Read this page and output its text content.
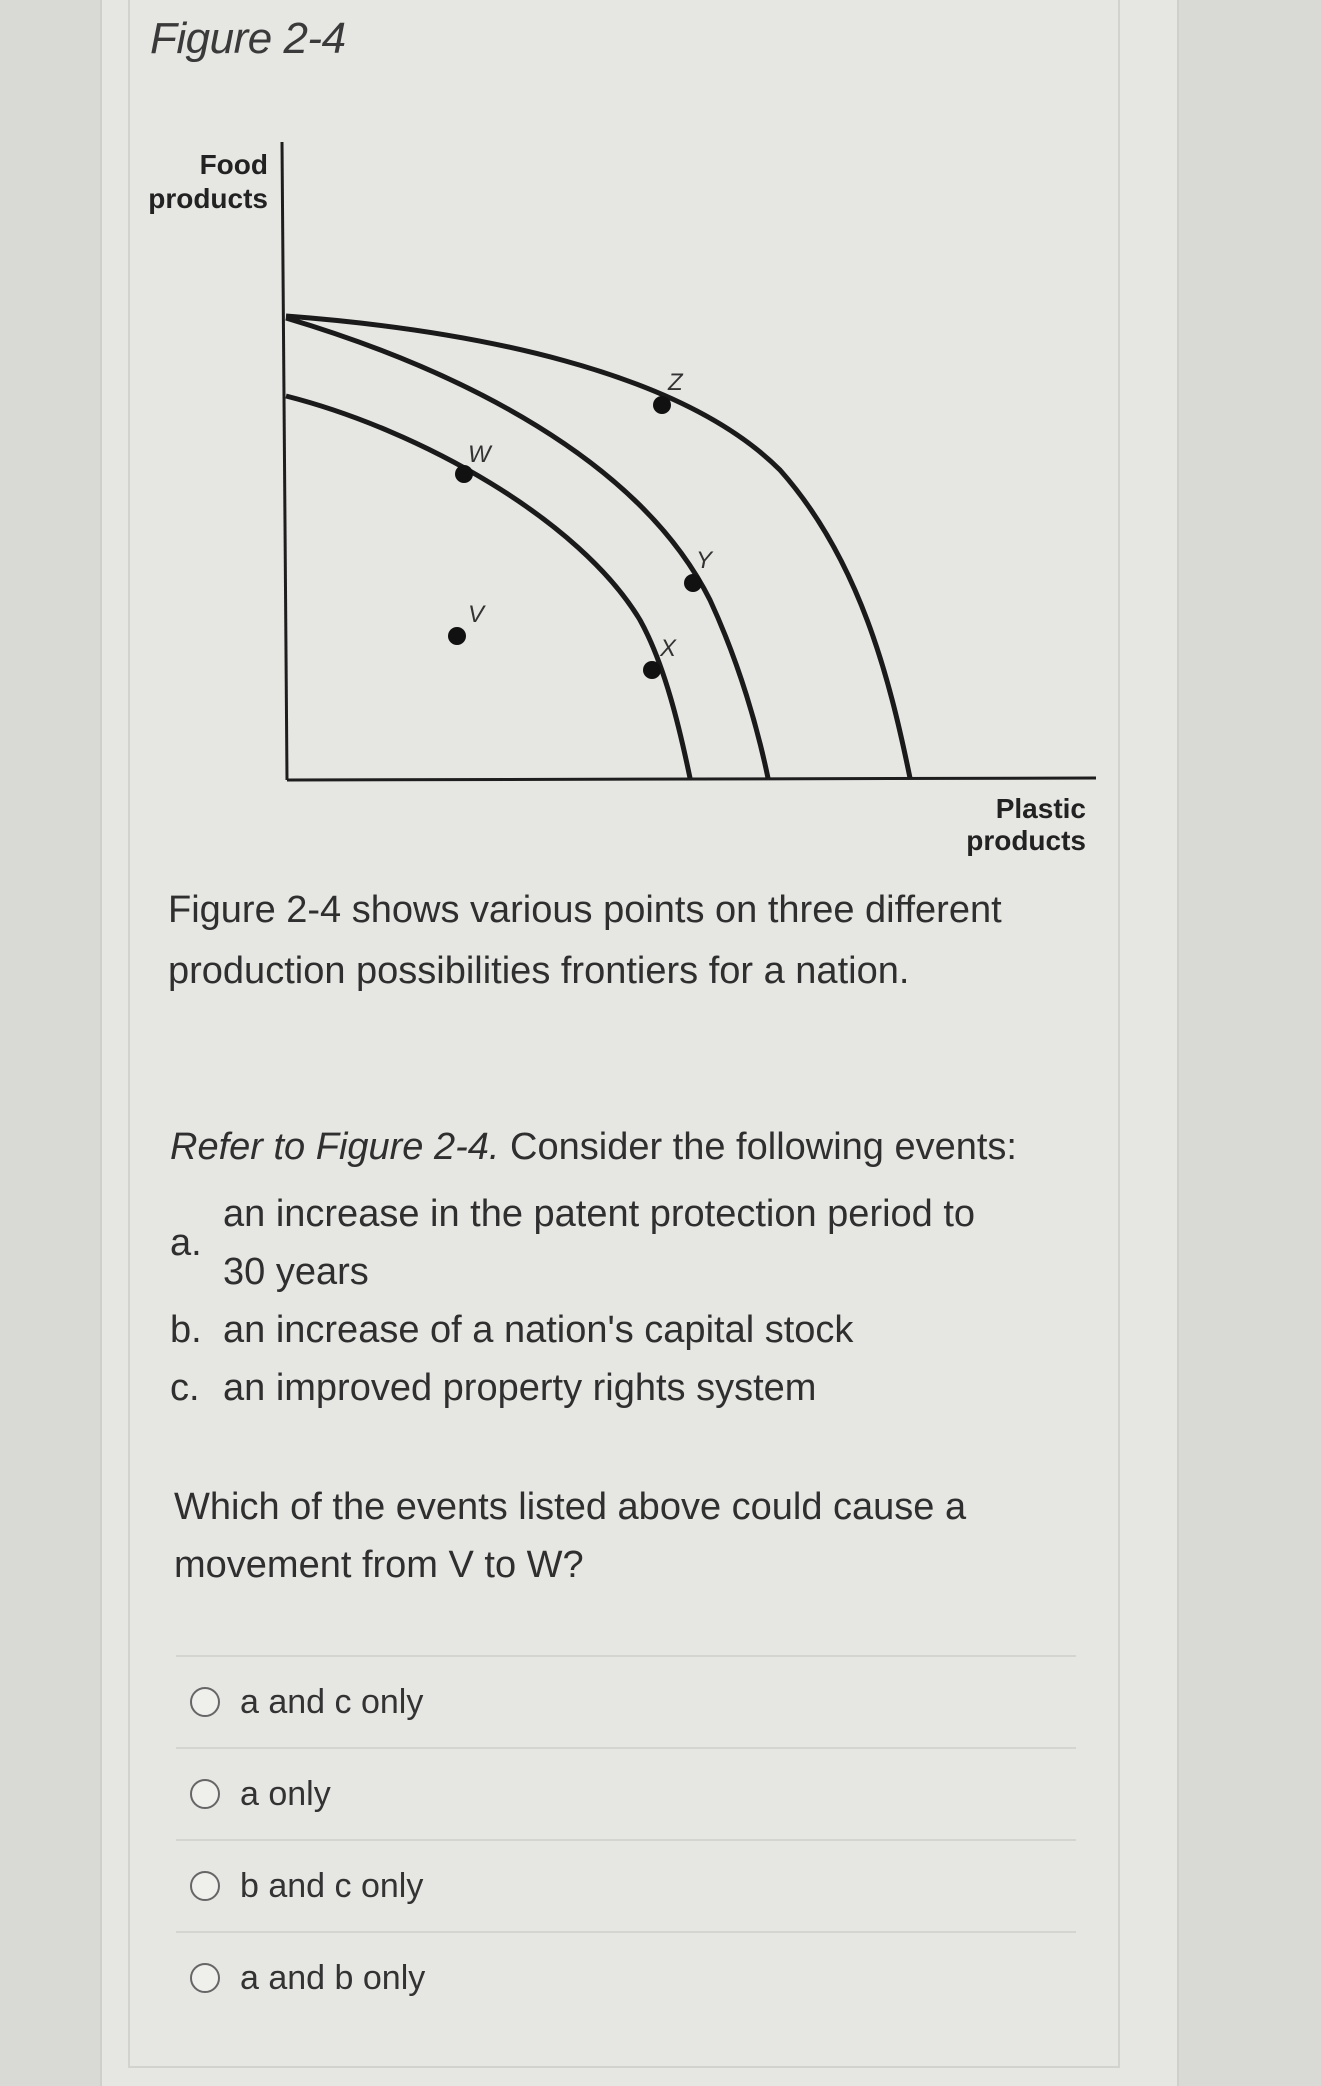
Figure 2-4
Food
products
Plastic
products
Z
W
Y
V
X
Figure 2-4 shows various points on three different
production possibilities frontiers for a nation.
Refer to Figure 2-4. Consider the following events:
a.
an increase in the patent protection period to
30 years
b. an increase of a nation's capital stock
c. an improved property rights system
Which of the events listed above could cause a
movement from V to W?
a and c only
a only
b and c only
a and b only
